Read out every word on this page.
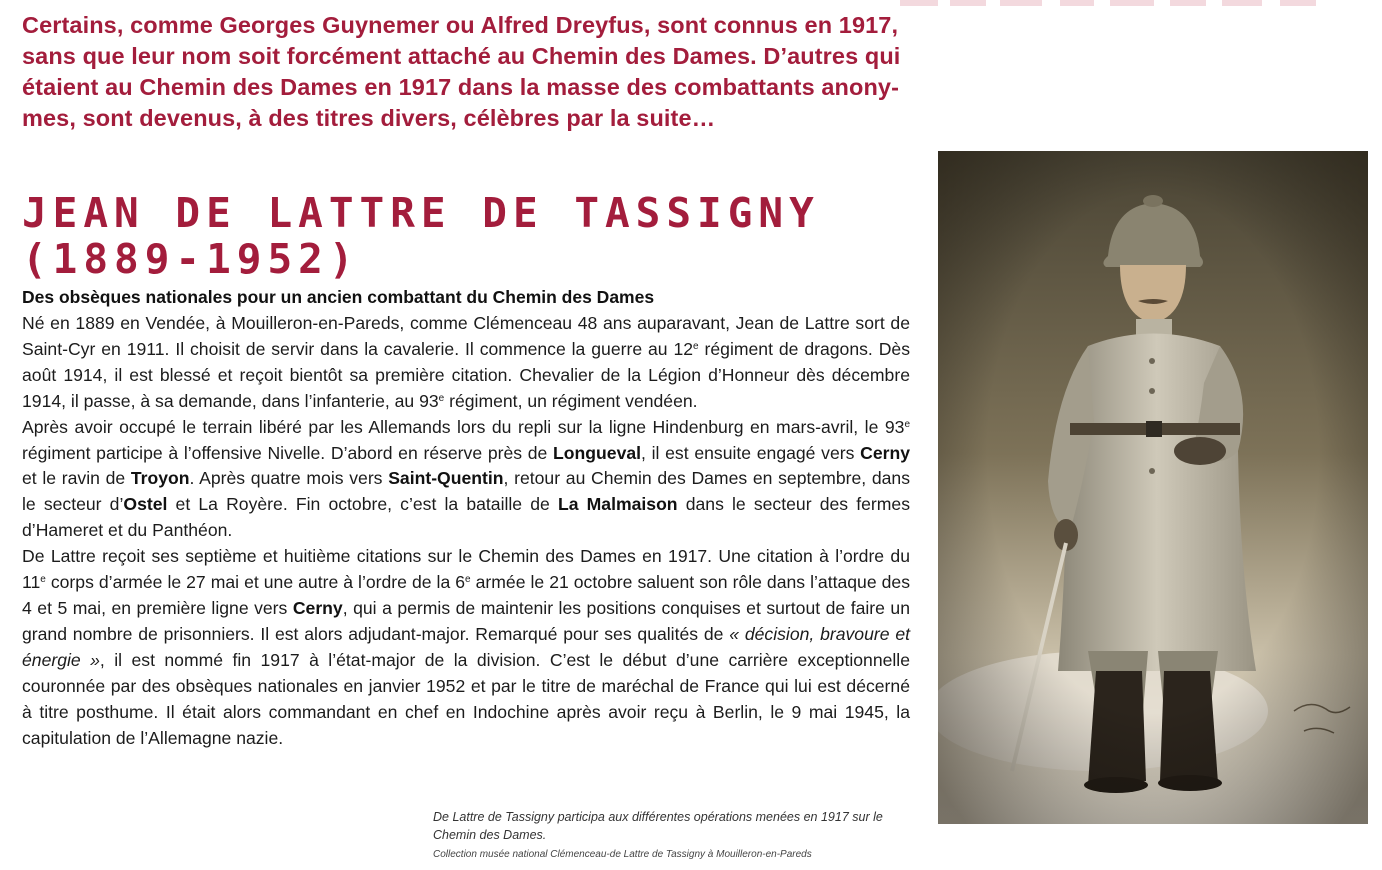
Certains, comme Georges Guynemer ou Alfred Dreyfus, sont connus en 1917, sans que leur nom soit forcément attaché au Chemin des Dames. D’autres qui étaient au Chemin des Dames en 1917 dans la masse des combattants anonymes, sont devenus, à des titres divers, célèbres par la suite…

JEAN DE LATTRE DE TASSIGNY
(1889-1952)
Des obsèques nationales pour un ancien combattant du Chemin des Dames

Né en 1889 en Vendée, à Mouilleron-en-Pareds, comme Clémenceau 48 ans auparavant, Jean de Lattre sort de Saint-Cyr en 1911. Il choisit de servir dans la cavalerie. Il commence la guerre au 12e régiment de dragons. Dès août 1914, il est blessé et reçoit bientôt sa première citation. Chevalier de la Légion d’Honneur dès décembre 1914, il passe, à sa demande, dans l’infanterie, au 93e régiment, un régiment vendéen.

Après avoir occupé le terrain libéré par les Allemands lors du repli sur la ligne Hindenburg en mars-avril, le 93e régiment participe à l’offensive Nivelle. D’abord en réserve près de Longueval, il est ensuite engagé vers Cerny et le ravin de Troyon. Après quatre mois vers Saint-Quentin, retour au Chemin des Dames en septembre, dans le secteur d’Ostel et La Royère. Fin octobre, c’est la bataille de La Malmaison dans le secteur des fermes d’Hameret et du Panthéon.

De Lattre reçoit ses septième et huitième citations sur le Chemin des Dames en 1917. Une citation à l’ordre du 11e corps d’armée le 27 mai et une autre à l’ordre de la 6e armée le 21 octobre saluent son rôle dans l’attaque des 4 et 5 mai, en première ligne vers Cerny, qui a permis de maintenir les positions conquises et surtout de faire un grand nombre de prisonniers. Il est alors adjudant-major. Remarqué pour ses qualités de « décision, bravoure et énergie », il est nommé fin 1917 à l’état-major de la division. C’est le début d’une carrière exceptionnelle couronnée par des obsèques nationales en janvier 1952 et par le titre de maréchal de France qui lui est décerné à titre posthume. Il était alors commandant en chef en Indochine après avoir reçu à Berlin, le 9 mai 1945, la capitulation de l’Allemagne nazie.

De Lattre de Tassigny participa aux différentes opérations menées en 1917 sur le Chemin des Dames.
Collection musée national Clémenceau-de Lattre de Tassigny à Mouilleron-en-Pareds
